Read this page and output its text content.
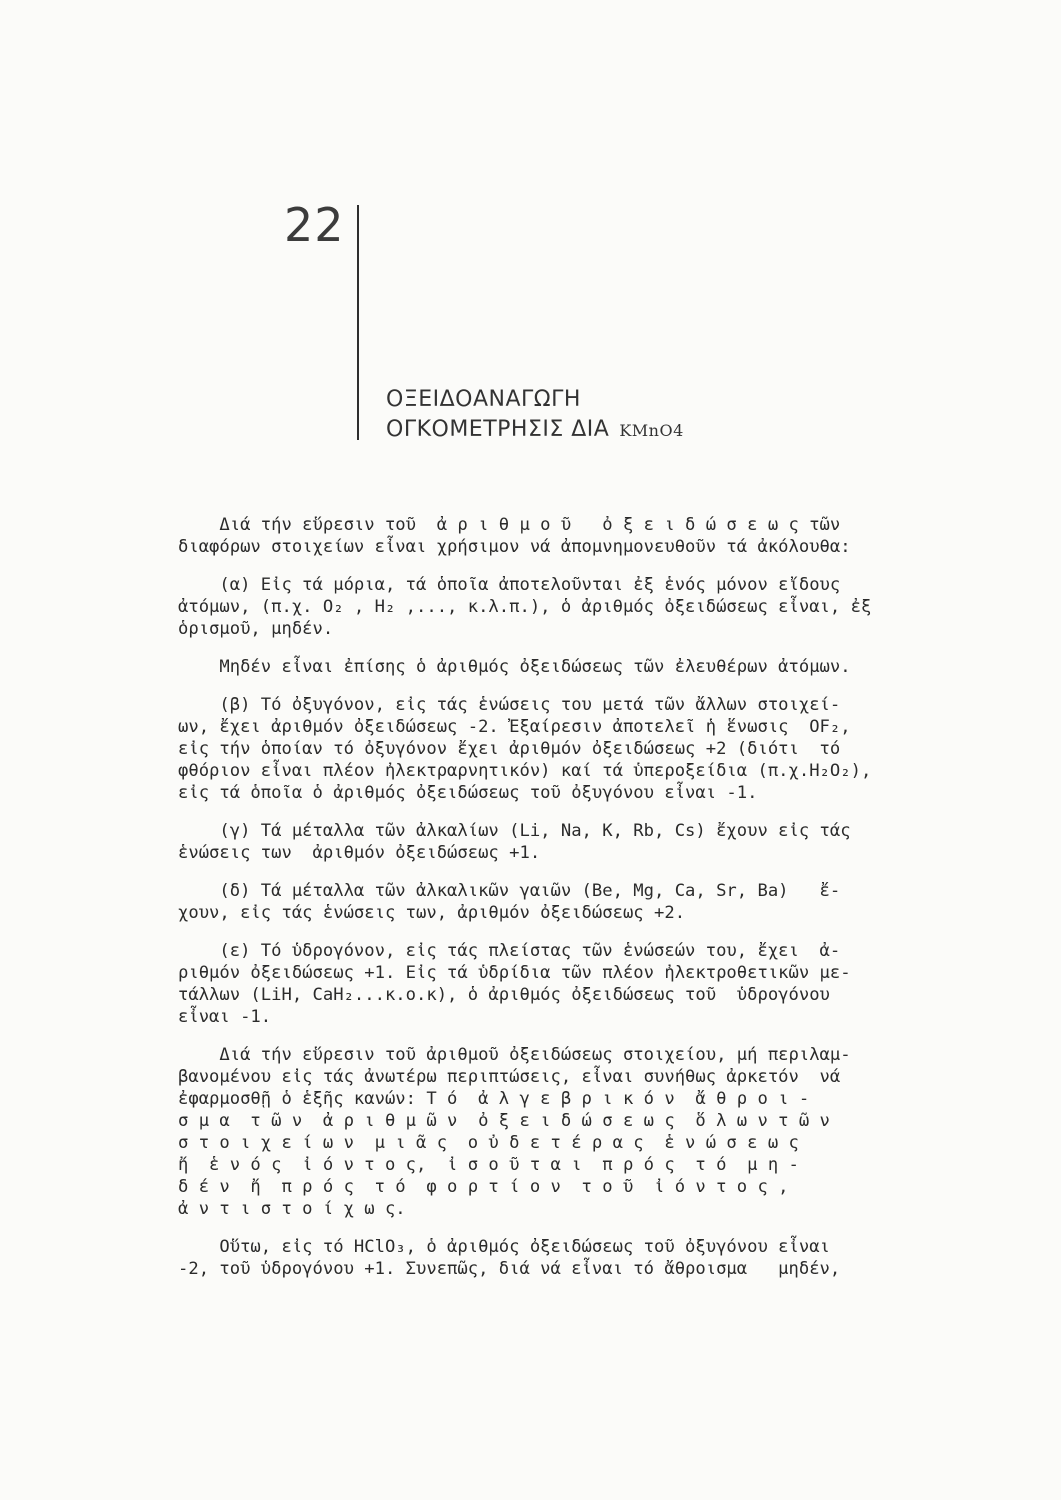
22
ΟΞΕΙΔΟΑΝΑΓΩΓΗ
ΟΓΚΟΜΕΤΡΗΣΙΣ ΔΙΑ KMnO4
Διά τήν εὕρεσιν τοῦ  ἀ ρ ι θ μ ο ῦ   ὀ ξ ε ι δ ώ σ ε ω ς τῶν
διαφόρων στοιχείων εἶναι χρήσιμον νά ἀπομνημονευθοῦν τά ἀκόλουθα:
(α) Εἰς τά μόρια, τά ὁποῖα ἀποτελοῦνται ἐξ ἑνός μόνον εἴδους
ἀτόμων, (π.χ. O₂ , H₂ ,..., κ.λ.π.), ὁ ἀριθμός ὀξειδώσεως εἶναι, ἐξ
ὁρισμοῦ, μηδέν.
Μηδέν εἶναι ἐπίσης ὁ ἀριθμός ὀξειδώσεως τῶν ἐλευθέρων ἀτόμων.
(β) Τό ὀξυγόνον, εἰς τάς ἑνώσεις του μετά τῶν ἄλλων στοιχεί-
ων, ἔχει ἀριθμόν ὀξειδώσεως -2. Ἐξαίρεσιν ἀποτελεῖ ἡ ἕνωσις  OF₂,
εἰς τήν ὁποίαν τό ὀξυγόνον ἔχει ἀριθμόν ὀξειδώσεως +2 (διότι  τό
φθόριον εἶναι πλέον ἠλεκτραρνητικόν) καί τά ὑπεροξείδια (π.χ.H₂O₂),
εἰς τά ὁποῖα ὁ ἀριθμός ὀξειδώσεως τοῦ ὀξυγόνου εἶναι -1.
(γ) Τά μέταλλα τῶν ἀλκαλίων (Li, Na, K, Rb, Cs) ἔχουν εἰς τάς
ἑνώσεις των  ἀριθμόν ὀξειδώσεως +1.
(δ) Τά μέταλλα τῶν ἀλκαλικῶν γαιῶν (Be, Mg, Ca, Sr, Ba)   ἔ-
χουν, εἰς τάς ἑνώσεις των, ἀριθμόν ὀξειδώσεως +2.
(ε) Τό ὑδρογόνον, εἰς τάς πλείστας τῶν ἑνώσεών του, ἔχει  ἀ-
ριθμόν ὀξειδώσεως +1. Εἰς τά ὑδρίδια τῶν πλέον ἠλεκτροθετικῶν με-
τάλλων (LiH, CaH₂...κ.ο.κ), ὁ ἀριθμός ὀξειδώσεως τοῦ  ὑδρογόνου
εἶναι -1.
Διά τήν εὕρεσιν τοῦ ἀριθμοῦ ὀξειδώσεως στοιχείου, μή περιλαμ-
βανομένου εἰς τάς ἀνωτέρω περιπτώσεις, εἶναι συνήθως ἀρκετόν  νά
ἐφαρμοσθῇ ὁ ἑξῆς κανών: Τ ό  ἀ λ γ ε β ρ ι κ ό ν  ἄ θ ρ ο ι -
σ μ α  τ ῶ ν  ἀ ρ ι θ μ ῶ ν  ὀ ξ ε ι δ ώ σ ε ω ς  ὅ λ ω ν τ ῶ ν
σ τ ο ι χ ε ί ω ν  μ ι ᾶ ς  ο ὐ δ ε τ έ ρ α ς  ἑ ν ώ σ ε ω ς
ἤ  ἑ ν ό ς  ἰ ό ν τ ο ς,  ἰ σ ο ῦ τ α ι  π ρ ό ς  τ ό  μ η -
δ έ ν  ἤ  π ρ ό ς  τ ό  φ ο ρ τ ί ο ν  τ ο ῦ  ἰ ό ν τ ο ς ,
ἀ ν τ ι σ τ ο ί χ ω ς.
Οὕτω, εἰς τό HClO₃, ὁ ἀριθμός ὀξειδώσεως τοῦ ὀξυγόνου εἶναι
-2, τοῦ ὑδρογόνου +1. Συνεπῶς, διά νά εἶναι τό ἄθροισμα   μηδέν,
